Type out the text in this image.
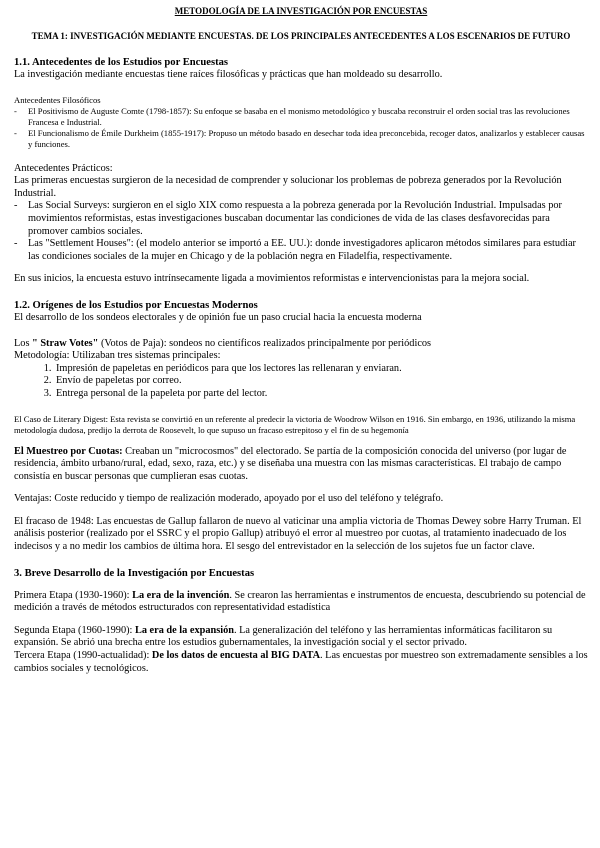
METODOLOGÍA DE LA INVESTIGACIÓN POR ENCUESTAS

TEMA 1: INVESTIGACIÓN MEDIANTE ENCUESTAS. DE LOS PRINCIPALES ANTECEDENTES A LOS ESCENARIOS DE FUTURO

1.1. Antecedentes de los Estudios por Encuestas

La investigación mediante encuestas tiene raíces filosóficas y prácticas que han moldeado su desarrollo.

Antecedentes Filosóficos

- El Positivismo de Auguste Comte (1798-1857): Su enfoque se basaba en el monismo metodológico y buscaba reconstruir el orden social tras las revoluciones Francesa e Industrial.
- El Funcionalismo de Émile Durkheim (1855-1917): Propuso un método basado en desechar toda idea preconcebida, recoger datos, analizarlos y establecer causas y funciones.

Antecedentes Prácticos:

Las primeras encuestas surgieron de la necesidad de comprender y solucionar los problemas de pobreza generados por la Revolución Industrial.

- Las Social Surveys: surgieron en el siglo XIX como respuesta a la pobreza generada por la Revolución Industrial. Impulsadas por movimientos reformistas, estas investigaciones buscaban documentar las condiciones de vida de las clases desfavorecidas para promover cambios sociales.
- Las "Settlement Houses": (el modelo anterior se importó a EE. UU.): donde investigadores aplicaron métodos similares para estudiar las condiciones sociales de la mujer en Chicago y de la población negra en Filadelfia, respectivamente.

En sus inicios, la encuesta estuvo intrínsecamente ligada a movimientos reformistas e intervencionistas para la mejora social.

1.2. Orígenes de los Estudios por Encuestas Modernos

El desarrollo de los sondeos electorales y de opinión fue un paso crucial hacia la encuesta moderna

Los " Straw Votes" (Votos de Paja): sondeos no científicos realizados principalmente por periódicos

Metodología: Utilizaban tres sistemas principales:

1. Impresión de papeletas en periódicos para que los lectores las rellenaran y enviaran.
2. Envío de papeletas por correo.
3. Entrega personal de la papeleta por parte del lector.

El Caso de Literary Digest: Esta revista se convirtió en un referente al predecir la victoria de Woodrow Wilson en 1916. Sin embargo, en 1936, utilizando la misma metodología dudosa, predijo la derrota de Roosevelt, lo que supuso un fracaso estrepitoso y el fin de su hegemonía

El Muestreo por Cuotas: Creaban un "microcosmos" del electorado. Se partía de la composición conocida del universo (por lugar de residencia, ámbito urbano/rural, edad, sexo, raza, etc.) y se diseñaba una muestra con las mismas características. El trabajo de campo consistía en buscar personas que cumplieran esas cuotas.

Ventajas: Coste reducido y tiempo de realización moderado, apoyado por el uso del teléfono y telégrafo.

El fracaso de 1948: Las encuestas de Gallup fallaron de nuevo al vaticinar una amplia victoria de Thomas Dewey sobre Harry Truman. El análisis posterior (realizado por el SSRC y el propio Gallup) atribuyó el error al muestreo por cuotas, al tratamiento inadecuado de los indecisos y a no medir los cambios de última hora. El sesgo del entrevistador en la selección de los sujetos fue un factor clave.

3. Breve Desarrollo de la Investigación por Encuestas

Primera Etapa (1930-1960): La era de la invención. Se crearon las herramientas e instrumentos de encuesta, descubriendo su potencial de medición a través de métodos estructurados con representatividad estadística

Segunda Etapa (1960-1990): La era de la expansión. La generalización del teléfono y las herramientas informáticas facilitaron su expansión. Se abrió una brecha entre los estudios gubernamentales, la investigación social y el sector privado.

Tercera Etapa (1990-actualidad): De los datos de encuesta al BIG DATA. Las encuestas por muestreo son extremadamente sensibles a los cambios sociales y tecnológicos.
